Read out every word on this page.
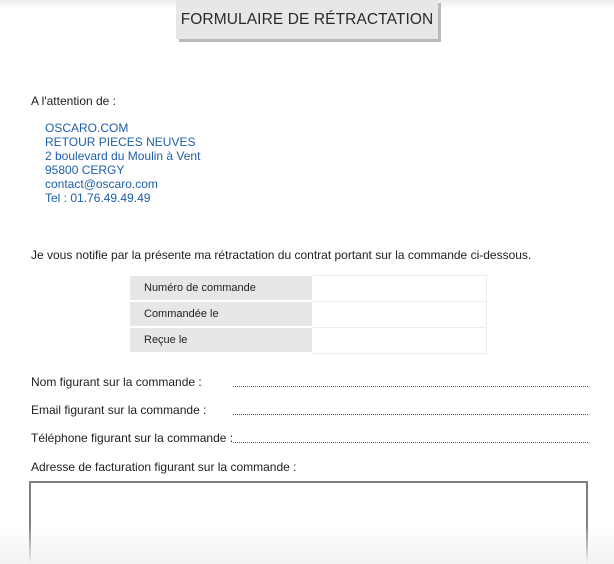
FORMULAIRE DE RÉTRACTATION
A l'attention de :
OSCARO.COM
RETOUR PIECES NEUVES
2 boulevard du Moulin à Vent
95800 CERGY
contact@oscaro.com
Tel : 01.76.49.49.49
Je vous notifie par la présente ma rétractation du contrat portant sur la commande ci-dessous.
Numéro de commande	
Commandée le	
Reçue le	
Nom figurant sur la commande :
Email figurant sur la commande :
Téléphone figurant sur la commande :
Adresse de facturation figurant sur la commande :
